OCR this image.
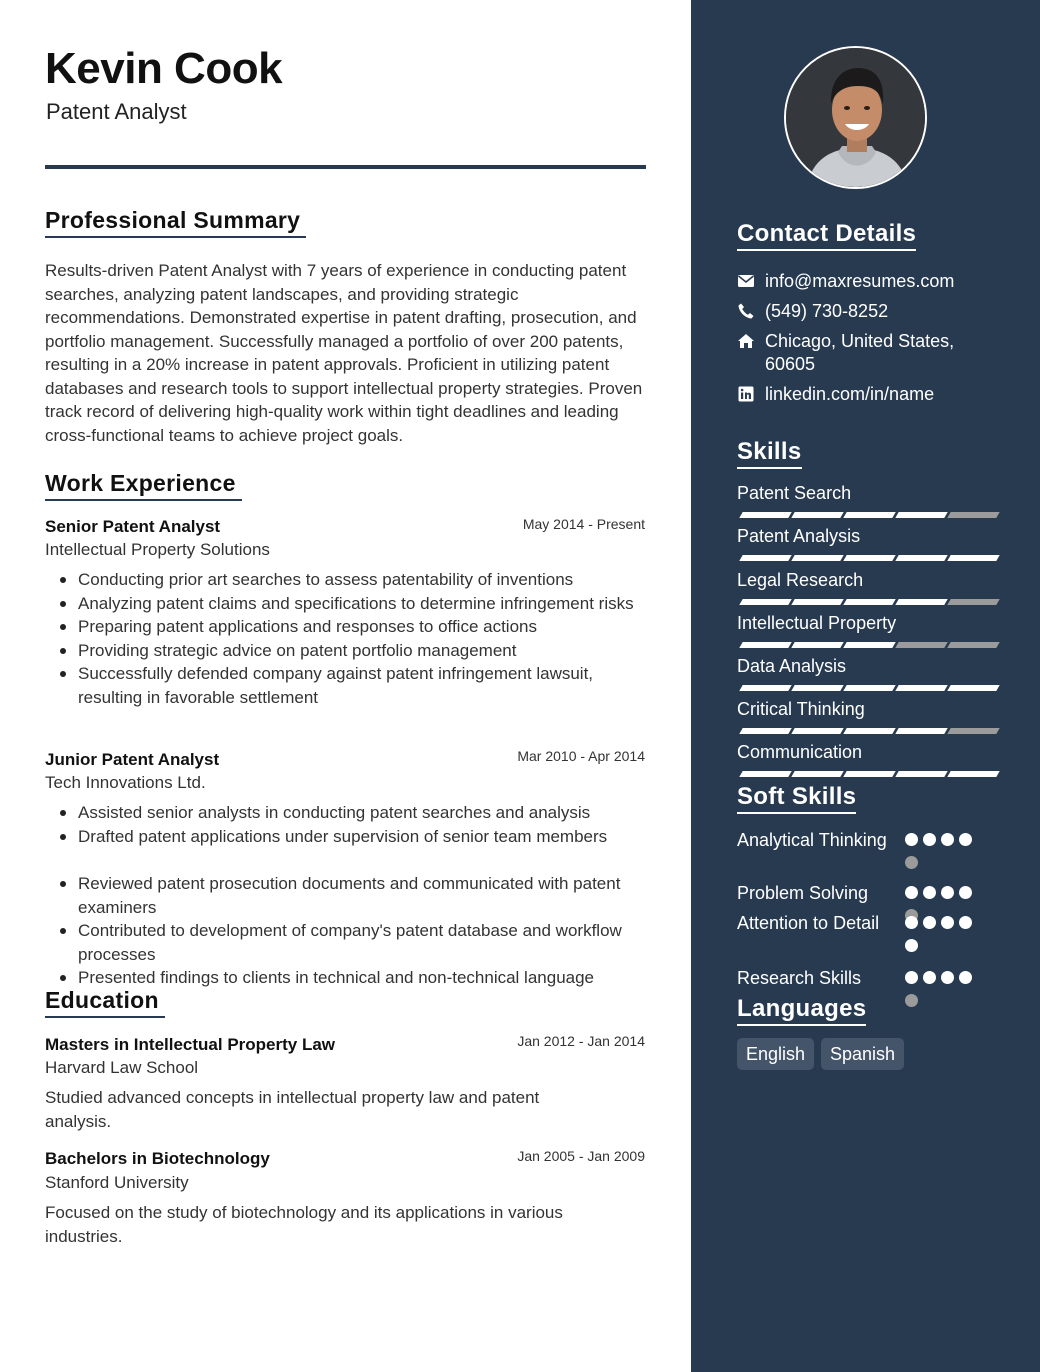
Kevin Cook
Patent Analyst
Professional Summary
Results-driven Patent Analyst with 7 years of experience in conducting patent searches, analyzing patent landscapes, and providing strategic recommendations. Demonstrated expertise in patent drafting, prosecution, and portfolio management. Successfully managed a portfolio of over 200 patents, resulting in a 20% increase in patent approvals. Proficient in utilizing patent databases and research tools to support intellectual property strategies. Proven track record of delivering high-quality work within tight deadlines and leading cross-functional teams to achieve project goals.
Work Experience
Senior Patent Analyst	May 2014 - Present
Intellectual Property Solutions
Conducting prior art searches to assess patentability of inventions
Analyzing patent claims and specifications to determine infringement risks
Preparing patent applications and responses to office actions
Providing strategic advice on patent portfolio management
Successfully defended company against patent infringement lawsuit, resulting in favorable settlement
Junior Patent Analyst	Mar 2010 - Apr 2014
Tech Innovations Ltd.
Assisted senior analysts in conducting patent searches and analysis
Drafted patent applications under supervision of senior team members
Reviewed patent prosecution documents and communicated with patent examiners
Contributed to development of company's patent database and workflow processes
Presented findings to clients in technical and non-technical language
Education
Masters in Intellectual Property Law	Jan 2012 - Jan 2014
Harvard Law School
Studied advanced concepts in intellectual property law and patent analysis.
Bachelors in Biotechnology	Jan 2005 - Jan 2009
Stanford University
Focused on the study of biotechnology and its applications in various industries.
Contact Details
info@maxresumes.com
(549) 730-8252
Chicago, United States, 60605
linkedin.com/in/name
Skills
Patent Search
Patent Analysis
Legal Research
Intellectual Property
Data Analysis
Critical Thinking
Communication
Soft Skills
Analytical Thinking
Problem Solving
Attention to Detail
Research Skills
Languages
English	Spanish
